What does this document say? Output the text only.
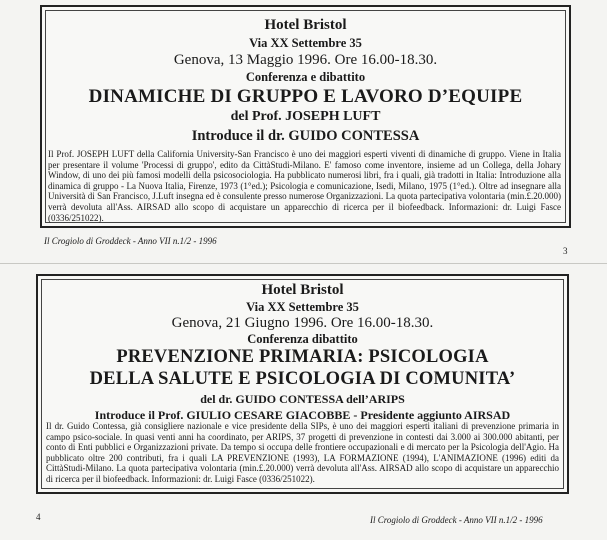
Hotel Bristol
Via XX Settembre 35
Genova, 13 Maggio 1996. Ore 16.00-18.30.
Conferenza e dibattito
DINAMICHE DI GRUPPO E LAVORO D’EQUIPE
del Prof. JOSEPH LUFT
Introduce il dr. GUIDO CONTESSA
Il Prof. JOSEPH LUFT della California University-San Francisco è uno dei maggiori esperti viventi di dinamiche di gruppo. Viene in Italia per presentare il volume 'Processi di gruppo', edito da CittàStudi-Milano. E' famoso come inventore, insieme ad un Collega, della Johary Window, di uno dei più famosi modelli della psicosociologia. Ha pubblicato numerosi libri, fra i quali, già tradotti in Italia: Introduzione alla dinamica di gruppo - La Nuova Italia, Firenze, 1973 (1°ed.); Psicologia e comunicazione, Isedi, Milano, 1975 (1°ed.). Oltre ad insegnare alla Università di San Francisco, J.Luft insegna ed è consulente presso numerose Organizzazioni. La quota partecipativa volontaria (min.£.20.000) verrà devoluta all'Ass. AIRSAD allo scopo di acquistare un apparecchio di ricerca per il biofeedback. Informazioni: dr. Luigi Fasce (0336/251022).
Il Crogiolo di Groddeck - Anno VII n.1/2 - 1996
3
Hotel Bristol
Via XX Settembre 35
Genova, 21 Giugno 1996. Ore 16.00-18.30.
Conferenza dibattito
PREVENZIONE PRIMARIA: PSICOLOGIA
DELLA SALUTE E PSICOLOGIA DI COMUNITA’
del dr. GUIDO CONTESSA dell’ARIPS
Introduce il Prof. GIULIO CESARE GIACOBBE - Presidente aggiunto AIRSAD
Il dr. Guido Contessa, già consigliere nazionale e vice presidente della SIPs, è uno dei maggiori esperti italiani di prevenzione primaria in campo psico-sociale. In quasi venti anni ha coordinato, per ARIPS, 37 progetti di prevenzione in contesti dai 3.000 ai 300.000 abitanti, per conto di Enti pubblici e Organizzazioni private. Da tempo si occupa delle frontiere occupazionali e di mercato per la Psicologia dell'Agio. Ha pubblicato oltre 200 contributi, fra i quali LA PREVENZIONE (1993), LA FORMAZIONE (1994), L'ANIMAZIONE (1996) editi da CittàStudi-Milano. La quota partecipativa volontaria (min.£.20.000) verrà devoluta all'Ass. AIRSAD allo scopo di acquistare un apparecchio di ricerca per il biofeedback. Informazioni: dr. Luigi Fasce (0336/251022).
4	Il Crogiolo di Groddeck - Anno VII n.1/2 - 1996
